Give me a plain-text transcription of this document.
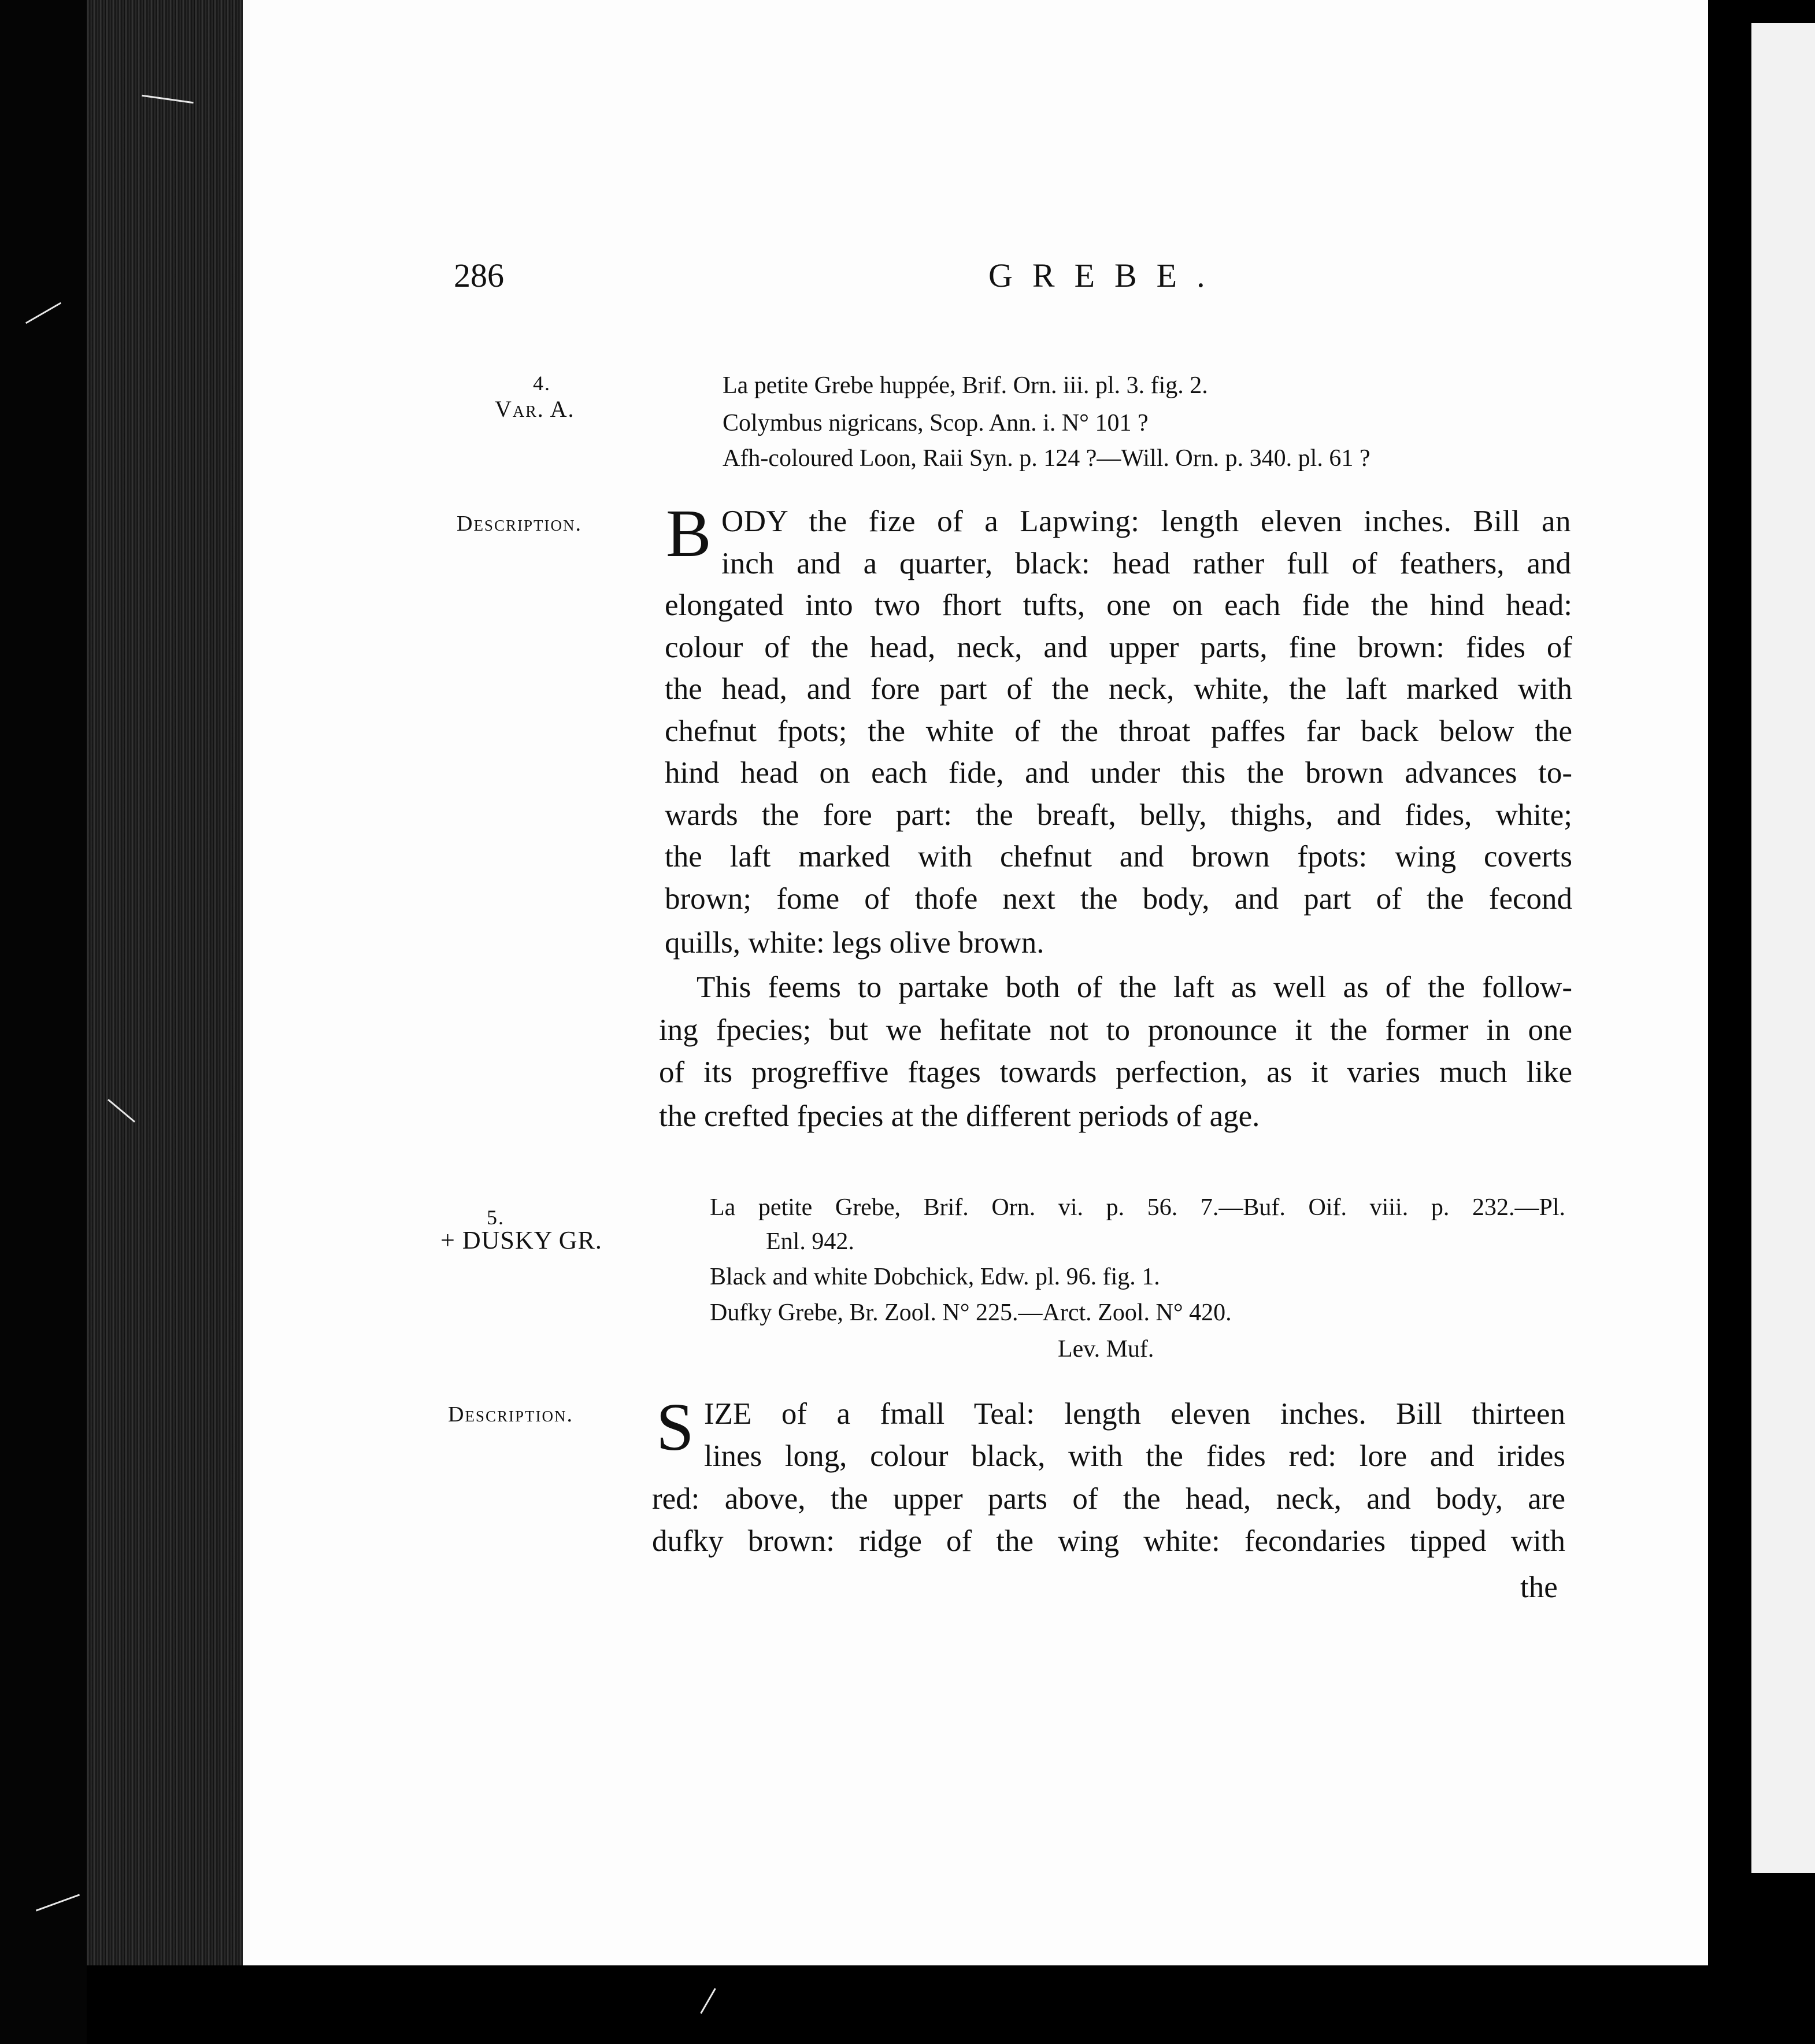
286	GREBE.
4.
Var. A.
La petite Grebe huppée, Brif. Orn. iii. pl. 3. fig. 2.
Colymbus nigricans, Scop. Ann. i. N° 101 ?
Afh-coloured Loon, Raii Syn. p. 124 ?—Will. Orn. p. 340. pl. 61 ?
Description. B ODY the fize of a Lapwing: length eleven inches. Bill an
inch and a quarter, black: head rather full of feathers, and
elongated into two fhort tufts, one on each fide the hind head:
colour of the head, neck, and upper parts, fine brown: fides of
the head, and fore part of the neck, white, the laft marked with
chefnut fpots; the white of the throat paffes far back below the
hind head on each fide, and under this the brown advances to-
wards the fore part: the breaft, belly, thighs, and fides, white;
the laft marked with chefnut and brown fpots: wing coverts
brown; fome of thofe next the body, and part of the fecond
quills, white: legs olive brown.
This feems to partake both of the laft as well as of the follow-
ing fpecies; but we hefitate not to pronounce it the former in one
of its progreffive ftages towards perfection, as it varies much like
the crefted fpecies at the different periods of age.
5.
+ DUSKY GR.
La petite Grebe, Brif. Orn. vi. p. 56. 7.—Buf. Oif. viii. p. 232.—Pl.
Enl. 942.
Black and white Dobchick, Edw. pl. 96. fig. 1.
Dufky Grebe, Br. Zool. N° 225.—Arct. Zool. N° 420.
Lev. Muf.
Description. S IZE of a fmall Teal: length eleven inches. Bill thirteen
lines long, colour black, with the fides red: lore and irides
red: above, the upper parts of the head, neck, and body, are
dufky brown: ridge of the wing white: fecondaries tipped with
the
